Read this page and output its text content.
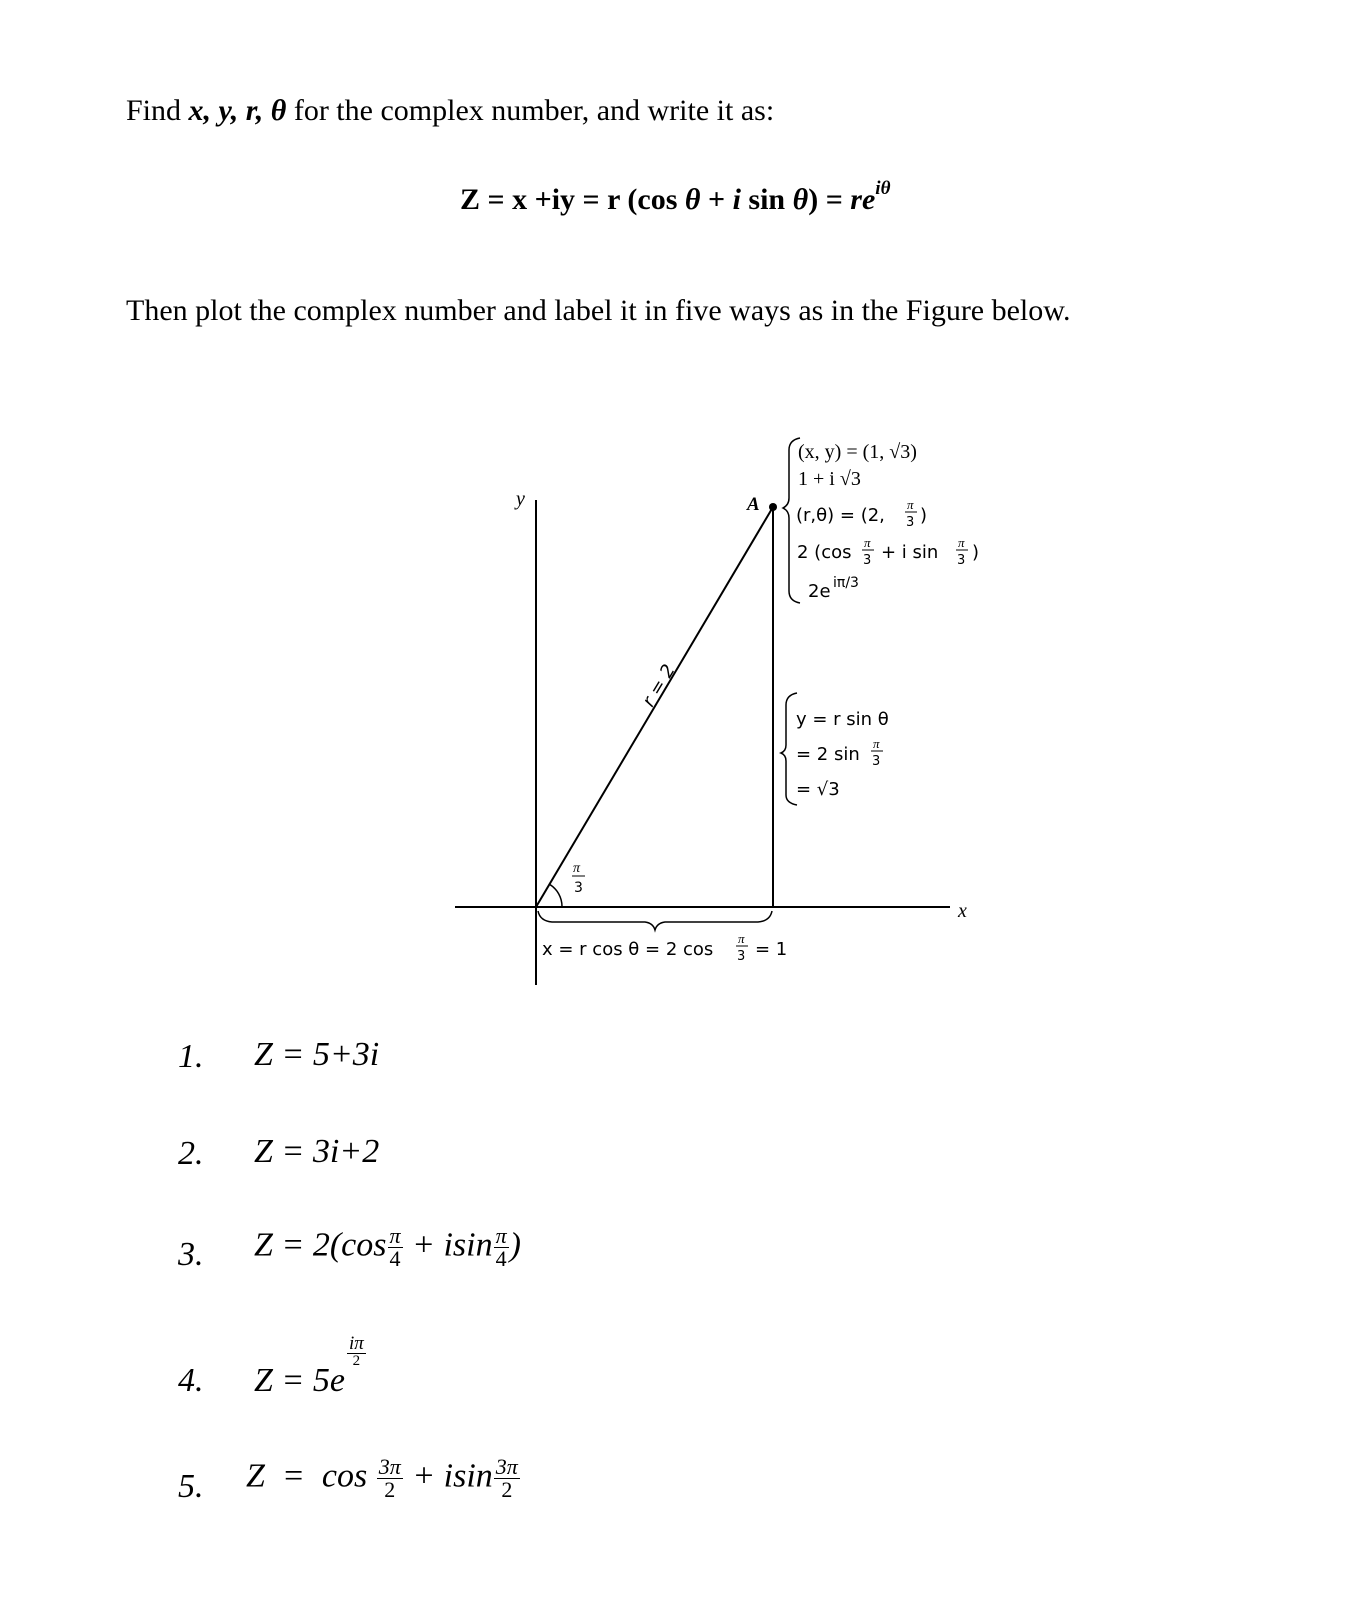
Find x, y, r, θ for the complex number, and write it as:
Z = x +iy = r (cos θ + i $\sin \theta) = re^{i\theta}$
Then plot the complex number and label it in five ways as in the Figure below.
y
x
A
r = 2
π
3
(x, y) = (1, √3)
1 + i √3
(r,θ) = (2,
π
3 )
2 (cos π
3 + i sin π
3 )
2e iπ/3
y = r sin θ
= 2 sin
π
3
= √3
x = r cos θ = 2 cos
π
3 = 1
1. Z = 5+3i
2. Z = 3i+2
3. $Z = 2(\cos \frac{\pi}{4} + isin \frac{\pi}{4}$ )
4. Z = 5e
$\frac{i\pi}{2}$
5. $Z = \cos \frac{3\pi}{2} + isin \frac{3\pi}{2}$
